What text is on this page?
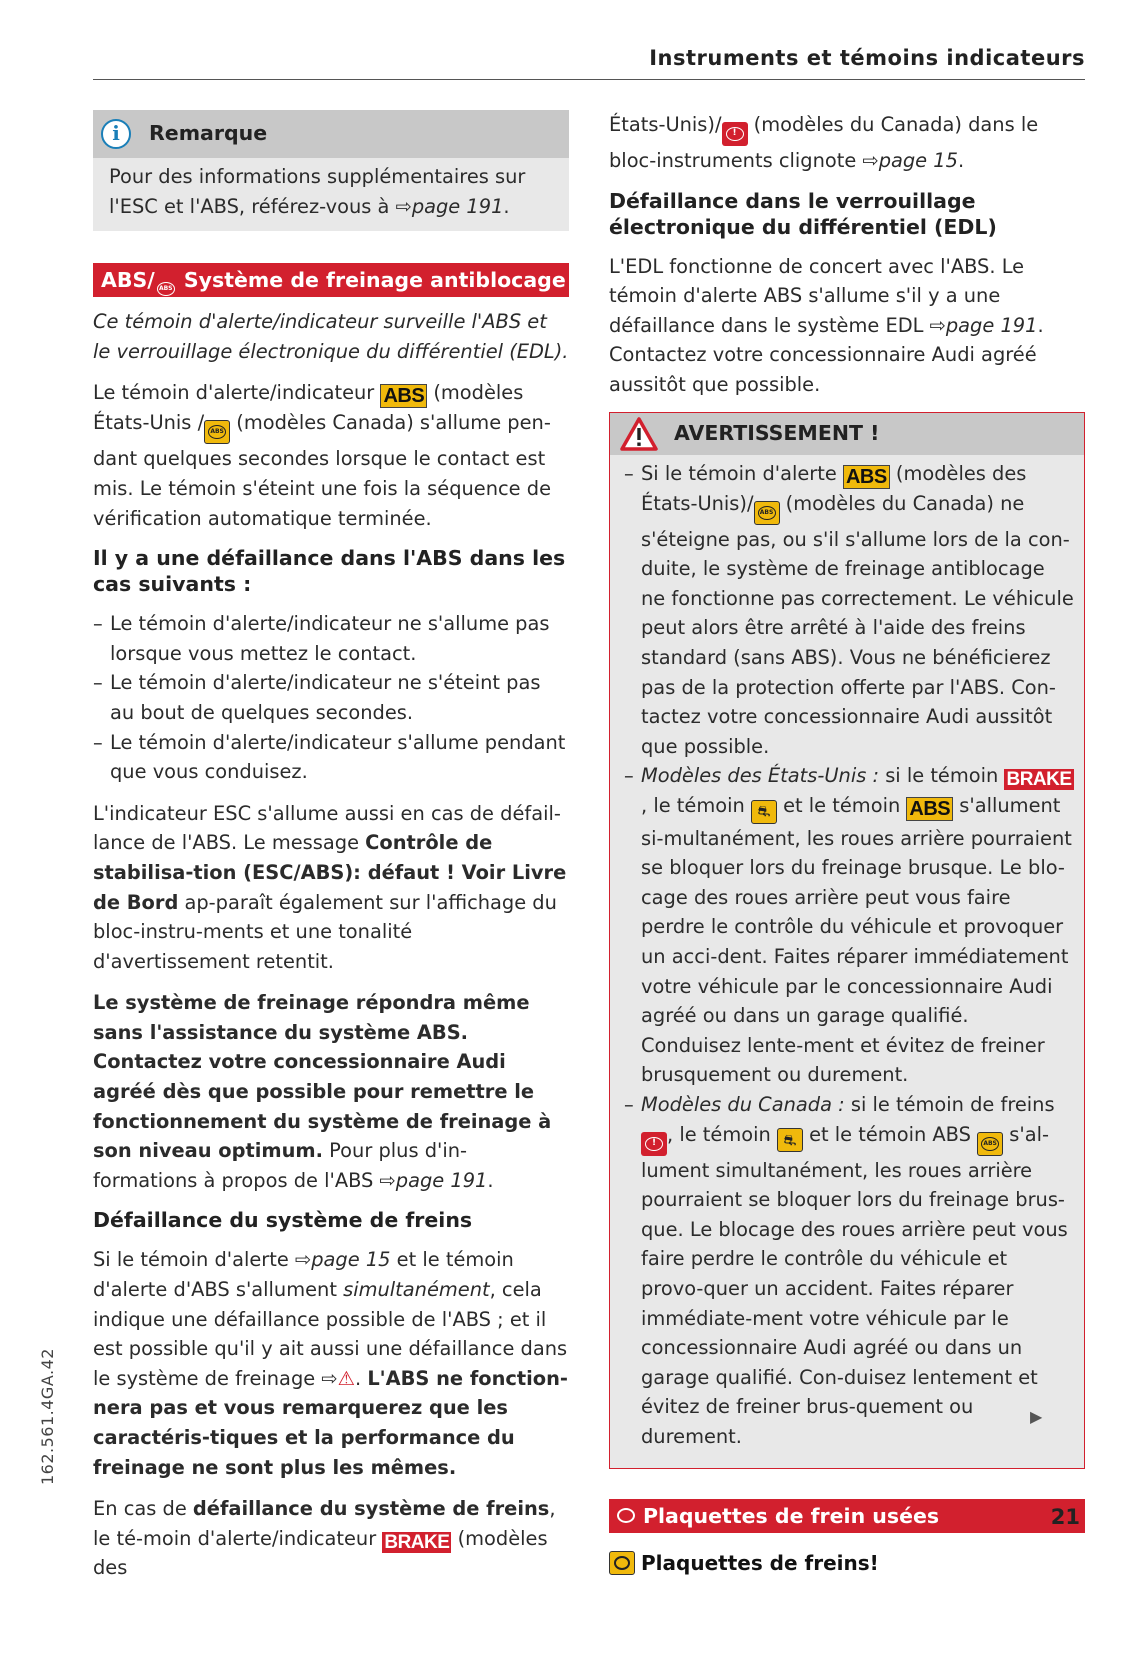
Instruments et témoins indicateurs
i	Remarque
Pour des informations supplémentaires sur l'ESC et l'ABS, référez-vous à ⇨page 191.
ABS/ ABS Système de freinage antiblocage

Ce témoin d'alerte/indicateur surveille l'ABS et le verrouillage électronique du différentiel (EDL).

Le témoin d'alerte/indicateur ABS (modèles États-Unis /	ABS (modèles Canada) s'allume pen-dant quelques secondes lorsque le contact est mis. Le témoin s'éteint une fois la séquence de vérification automatique terminée.

Il y a une défaillance dans l'ABS dans les cas suivants :
– Le témoin d'alerte/indicateur ne s'allume pas lorsque vous mettez le contact.
– Le témoin d'alerte/indicateur ne s'éteint pas au bout de quelques secondes.
– Le témoin d'alerte/indicateur s'allume pendant que vous conduisez.

L'indicateur ESC s'allume aussi en cas de défail-lance de l'ABS. Le message Contrôle de stabilisa-tion (ESC/ABS): défaut ! Voir Livre de Bord ap-paraît également sur l'affichage du bloc-instru-ments et une tonalité d'avertissement retentit.

Le système de freinage répondra même sans l'assistance du système ABS. Contactez votre concessionnaire Audi agréé dès que possible pour remettre le fonctionnement du système de freinage à son niveau optimum. Pour plus d'in-formations à propos de l'ABS ⇨page 191.

Défaillance du système de freins

Si le témoin d'alerte ⇨page 15 et le témoin d'alerte d'ABS s'allument simultanément, cela indique une défaillance possible de l'ABS ; et il est possible qu'il y ait aussi une défaillance dans le système de freinage ⇨⚠. L'ABS ne fonction-nera pas et vous remarquerez que les caractéris-tiques et la performance du freinage ne sont plus les mêmes.

En cas de défaillance du système de freins, le té-moin d'alerte/indicateur BRAKE (modèles des

États-Unis)/	! (modèles du Canada) dans le bloc-instruments clignote ⇨page 15.

Défaillance dans le verrouillage électronique du différentiel (EDL)

L'EDL fonctionne de concert avec l'ABS. Le témoin d'alerte ABS s'allume s'il y a une défaillance dans le système EDL ⇨page 191. Contactez votre concessionnaire Audi agréé aussitôt que possible.

AVERTISSEMENT !
– Si le témoin d'alerte ABS (modèles des États-Unis)/	ABS (modèles du Canada) ne s'éteigne pas, ou s'il s'allume lors de la con-duite, le système de freinage antiblocage ne fonctionne pas correctement. Le véhicule peut alors être arrêté à l'aide des freins standard (sans ABS). Vous ne bénéficierez pas de la protection offerte par l'ABS. Con-tactez votre concessionnaire Audi aussitôt que possible.
– Modèles des États-Unis : si le témoin BRAKE, le témoin ⛐ et le témoin ABS s'allument si-multanément, les roues arrière pourraient se bloquer lors du freinage brusque. Le blo-cage des roues arrière peut vous faire perdre le contrôle du véhicule et provoquer un acci-dent. Faites réparer immédiatement votre véhicule par le concessionnaire Audi agréé ou dans un garage qualifié. Conduisez lente-ment et évitez de freiner brusquement ou durement.
– Modèles du Canada : si le témoin de freins
! , le témoin ⛐ et le témoin ABS	ABS s'al-lument simultanément, les roues arrière pourraient se bloquer lors du freinage brus-que. Le blocage des roues arrière peut vous faire perdre le contrôle du véhicule et provo-quer un accident. Faites réparer immédiate-ment votre véhicule par le concessionnaire Audi agréé ou dans un garage qualifié. Con-duisez lentement et évitez de freiner brus-quement ou durement.
Plaquettes de frein usées
Plaquettes de freins!
▶
162.561.4GA.42
21
